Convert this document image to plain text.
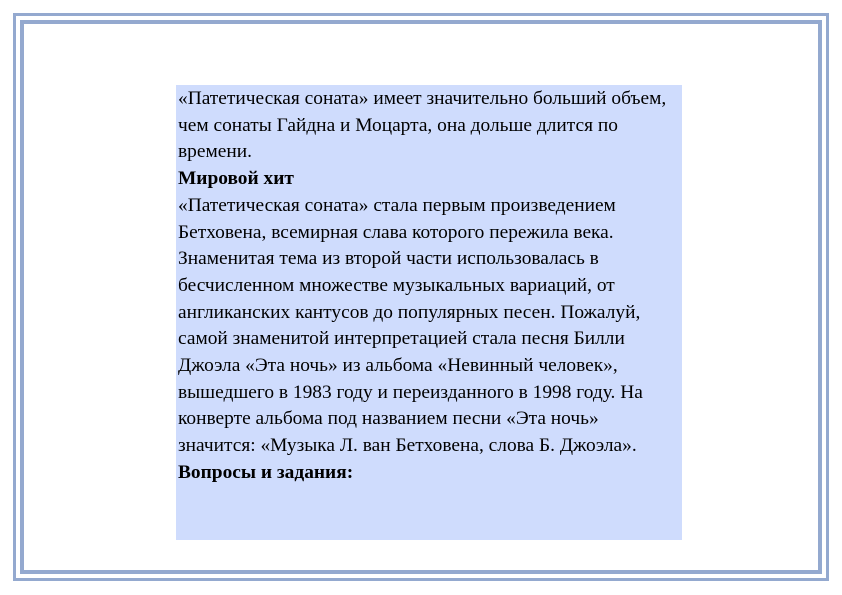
«Патетическая соната» имеет значительно больший объем, чем сонаты Гайдна и Моцарта, она дольше длится по времени.

Мировой хит

«Патетическая соната» стала первым произведением Бетховена, всемирная слава которого пережила века. Знаменитая тема из второй части использовалась в бесчисленном множестве музыкальных вариаций, от англиканских кантусов до популярных песен. Пожалуй, самой знаменитой интерпретацией стала песня Билли Джоэла «Эта ночь» из альбома «Невинный человек», вышедшего в 1983 году и переизданного в 1998 году. На конверте альбома под названием песни «Эта ночь» значится: «Музыка Л. ван Бетховена, слова Б. Джоэла».

Вопросы и задания:
